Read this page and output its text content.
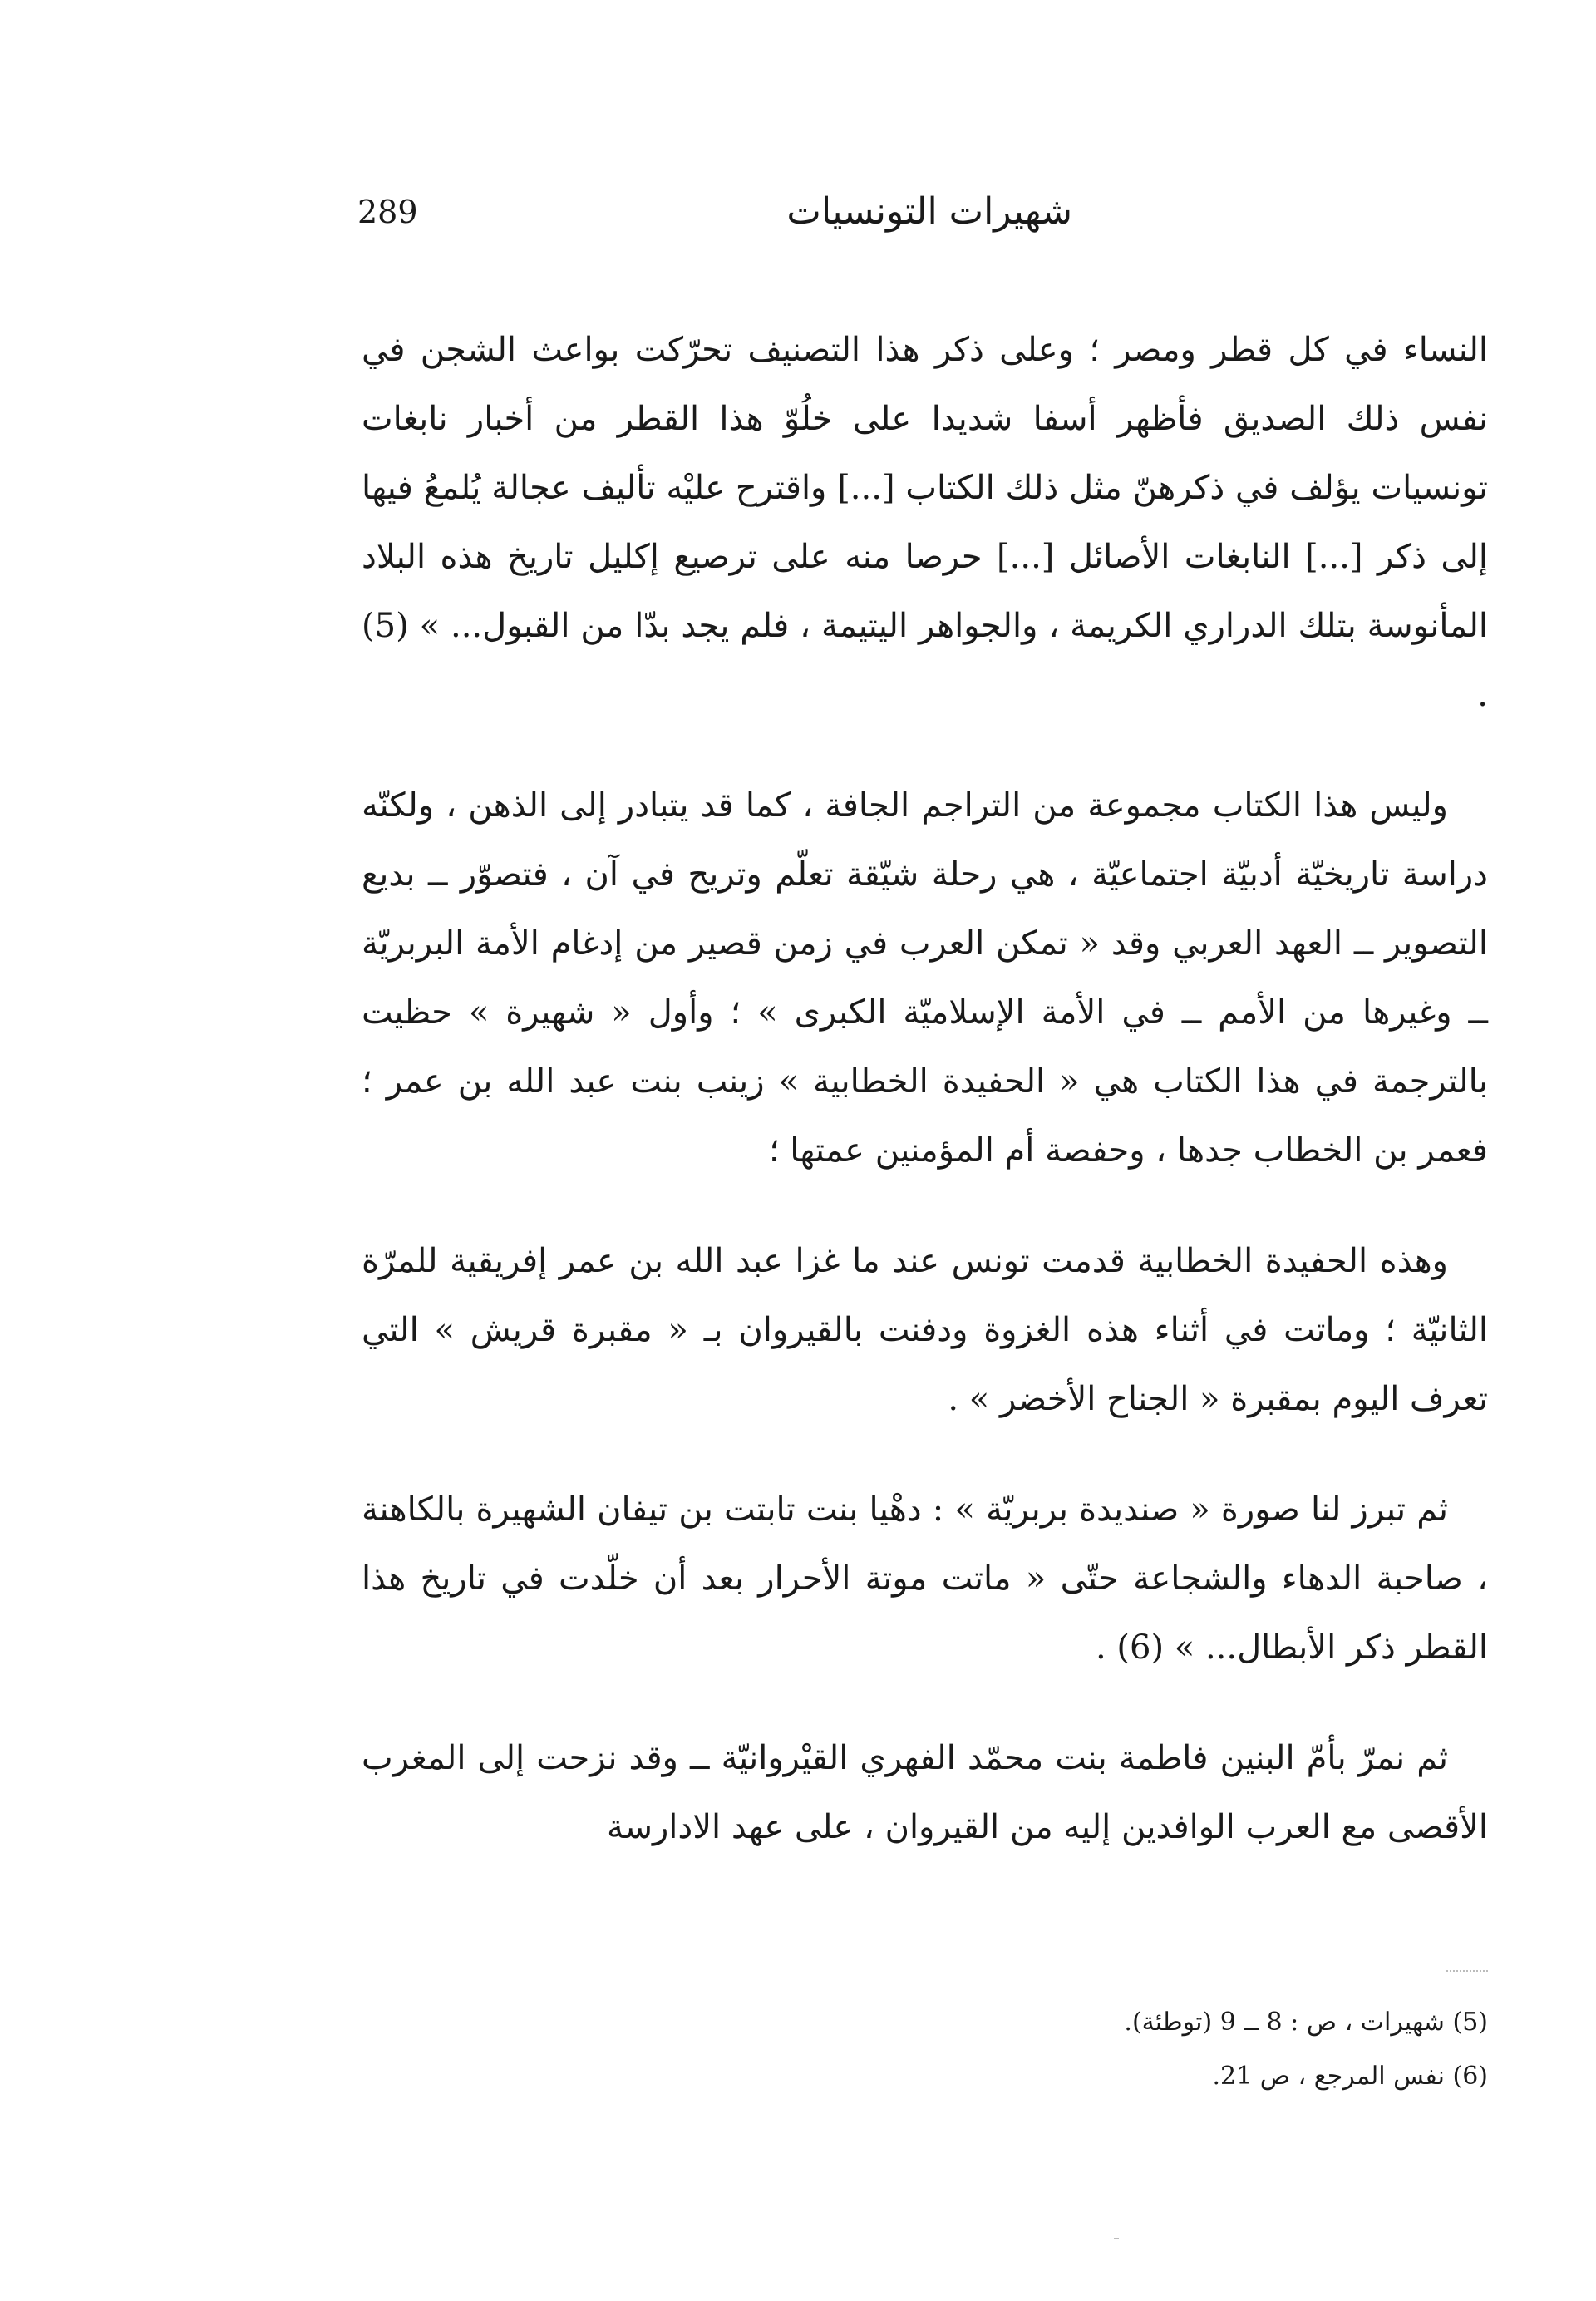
289	شهيرات التونسيات

النساء في كل قطر ومصر ؛ وعلى ذكر هذا التصنيف تحرّكت بواعث الشجن في نفس ذلك الصديق فأظهر أسفا شديدا على خلُوّ هذا القطر من أخبار نابغات تونسيات يؤلف في ذكرهنّ مثل ذلك الكتاب [...] واقترح عليْه تأليف عجالة يُلمعُ فيها إلى ذكر [...] النابغات الأصائل [...] حرصا منه على ترصيع إكليل تاريخ هذه البلاد المأنوسة بتلك الدراري الكريمة ، والجواهر اليتيمة ، فلم يجد بدّا من القبول... » (5) .

وليس هذا الكتاب مجموعة من التراجم الجافة ، كما قد يتبادر إلى الذهن ، ولكنّه دراسة تاريخيّة أدبيّة اجتماعيّة ، هي رحلة شيّقة تعلّم وتريح في آن ، فتصوّر ــ بديع التصوير ــ العهد العربي وقد « تمكن العرب في زمن قصير من إدغام الأمة البربريّة ــ وغيرها من الأمم ــ في الأمة الإسلاميّة الكبرى » ؛ وأول « شهيرة » حظيت بالترجمة في هذا الكتاب هي « الحفيدة الخطابية » زينب بنت عبد الله بن عمر ؛ فعمر بن الخطاب جدها ، وحفصة أم المؤمنين عمتها ؛

وهذه الحفيدة الخطابية قدمت تونس عند ما غزا عبد الله بن عمر إفريقية للمرّة الثانيّة ؛ وماتت في أثناء هذه الغزوة ودفنت بالقيروان بـ « مقبرة قريش » التي تعرف اليوم بمقبرة « الجناح الأخضر » .

ثم تبرز لنا صورة « صنديدة بربريّة » : دهْيا بنت تابتت بن تيفان الشهيرة بالكاهنة ، صاحبة الدهاء والشجاعة حتّى « ماتت موتة الأحرار بعد أن خلّدت في تاريخ هذا القطر ذكر الأبطال... » (6) .

ثم نمرّ بأمّ البنين فاطمة بنت محمّد الفهري القيْروانيّة ــ وقد نزحت إلى المغرب الأقصى مع العرب الوافدين إليه من القيروان ، على عهد الادارسة

(5) شهيرات ، ص : 8 ــ 9 (توطئة).

(6) نفس المرجع ، ص 21.
